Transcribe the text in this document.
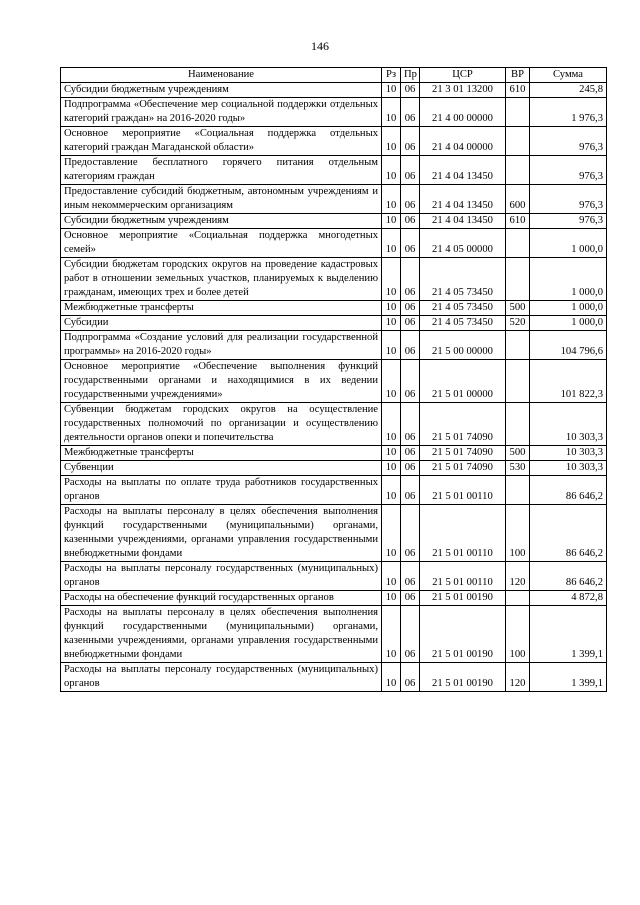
146
Наименование	Рз	Пр	ЦСР	ВР	Сумма
Субсидии бюджетным учреждениям	10	06	21 3 01 13200	610	245,8
Подпрограмма «Обеспечение мер социальной поддержки отдельных категорий граждан» на 2016-2020 годы»	10	06	21 4 00 00000		1 976,3
Основное мероприятие «Социальная поддержка отдельных категорий граждан Магаданской области»	10	06	21 4 04 00000		976,3
Предоставление бесплатного горячего питания отдельным категориям граждан	10	06	21 4 04 13450		976,3
Предоставление субсидий бюджетным, автономным учреждениям и иным некоммерческим организациям	10	06	21 4 04 13450	600	976,3
Субсидии бюджетным учреждениям	10	06	21 4 04 13450	610	976,3
Основное мероприятие «Социальная поддержка многодетных семей»	10	06	21 4 05 00000		1 000,0
Субсидии бюджетам городских округов на проведение кадастровых работ в отношении земельных участков, планируемых к выделению гражданам, имеющих трех и более детей	10	06	21 4 05 73450		1 000,0
Межбюджетные трансферты	10	06	21 4 05 73450	500	1 000,0
Субсидии	10	06	21 4 05 73450	520	1 000,0
Подпрограмма «Создание условий для реализации государственной программы» на 2016-2020 годы»	10	06	21 5 00 00000		104 796,6
Основное мероприятие «Обеспечение выполнения функций государственными органами и находящимися в их ведении государственными учреждениями»	10	06	21 5 01 00000		101 822,3
Субвенции бюджетам городских округов на осуществление государственных полномочий по организации и осуществлению деятельности органов опеки и попечительства	10	06	21 5 01 74090		10 303,3
Межбюджетные трансферты	10	06	21 5 01 74090	500	10 303,3
Субвенции	10	06	21 5 01 74090	530	10 303,3
Расходы на выплаты по оплате труда работников государственных органов	10	06	21 5 01 00110		86 646,2
Расходы на выплаты персоналу в целях обеспечения выполнения функций государственными (муниципальными) органами, казенными учреждениями, органами управления государственными внебюджетными фондами	10	06	21 5 01 00110	100	86 646,2
Расходы на выплаты персоналу государственных (муниципальных) органов	10	06	21 5 01 00110	120	86 646,2
Расходы на обеспечение функций государственных органов	10	06	21 5 01 00190		4 872,8
Расходы на выплаты персоналу в целях обеспечения выполнения функций государственными (муниципальными) органами, казенными учреждениями, органами управления государственными внебюджетными фондами	10	06	21 5 01 00190	100	1 399,1
Расходы на выплаты персоналу государственных (муниципальных) органов	10	06	21 5 01 00190	120	1 399,1
